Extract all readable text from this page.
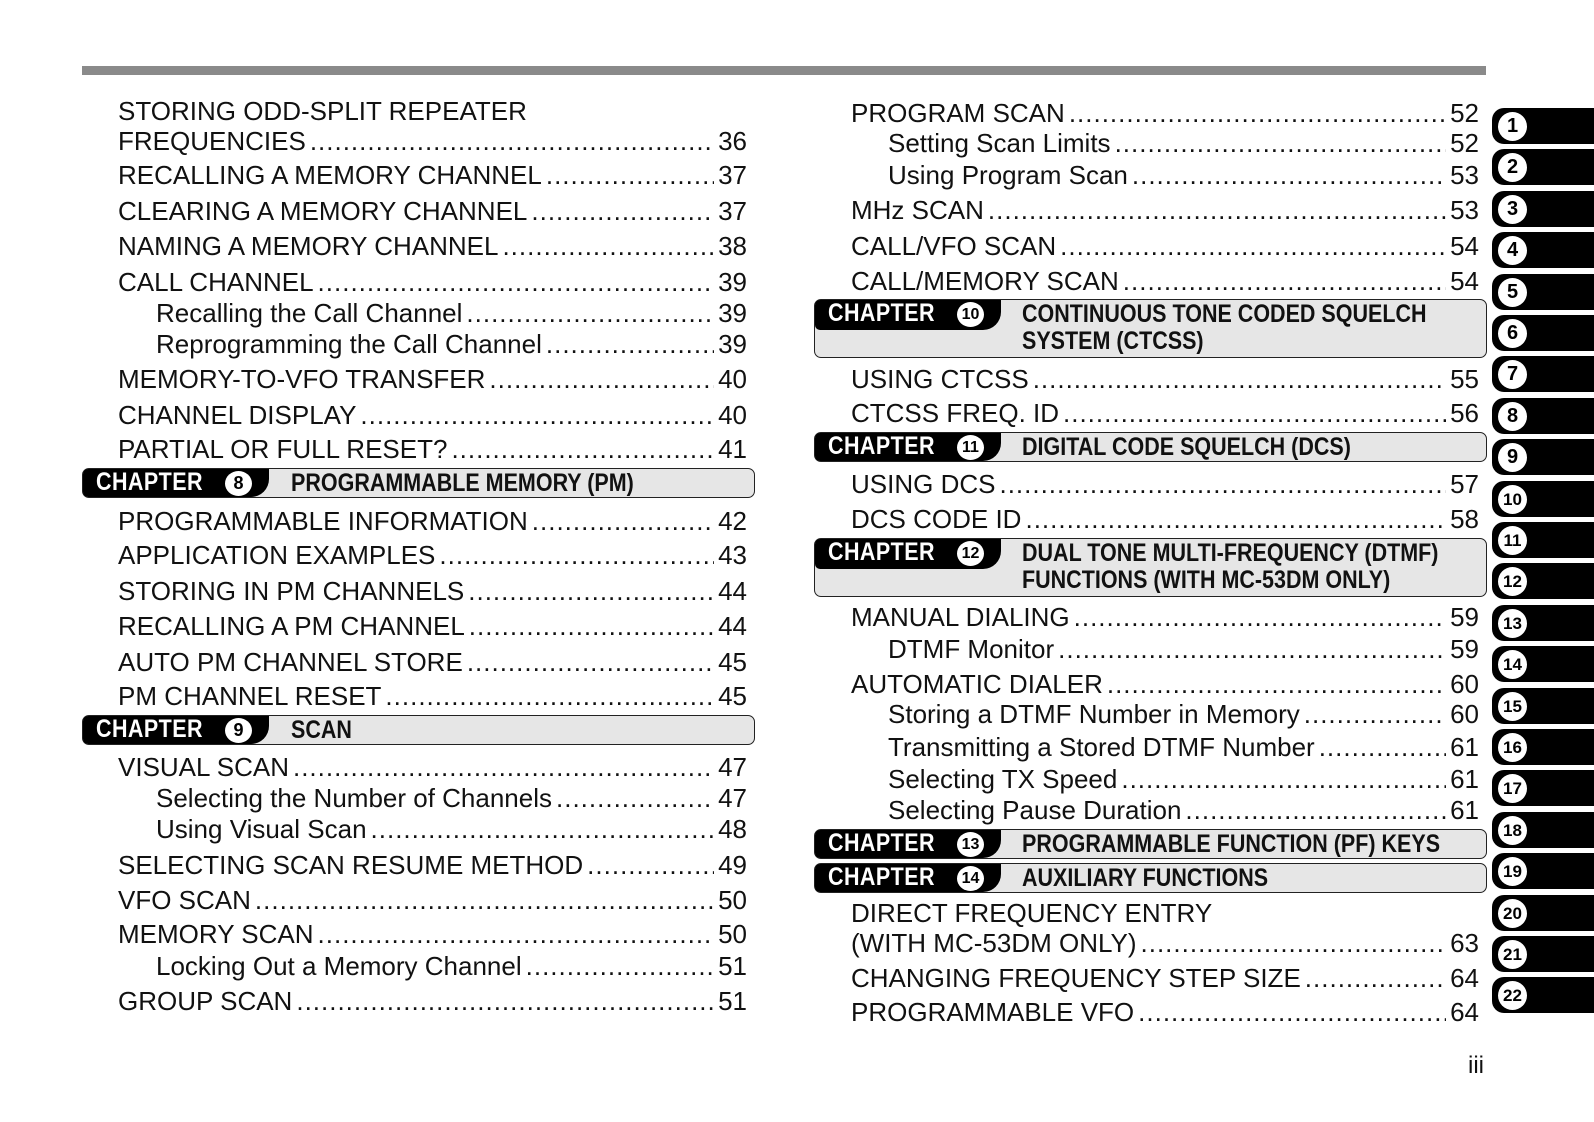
STORING ODD-SPLIT REPEATER
FREQUENCIES .....	36
RECALLING A MEMORY CHANNEL .....	37
CLEARING A MEMORY CHANNEL .....	37
NAMING A MEMORY CHANNEL .....	38
CALL CHANNEL .....	39
Recalling the Call Channel .....	39
Reprogramming the Call Channel .....	39
MEMORY-TO-VFO TRANSFER .....	40
CHANNEL DISPLAY .....	40
PARTIAL OR FULL RESET? .....	41
CHAPTER	8	PROGRAMMABLE MEMORY (PM)
PROGRAMMABLE INFORMATION .....	42
APPLICATION EXAMPLES .....	43
STORING IN PM CHANNELS .....	44
RECALLING A PM CHANNEL .....	44
AUTO PM CHANNEL STORE .....	45
PM CHANNEL RESET .....	45
CHAPTER	9	SCAN
VISUAL SCAN .....	47
Selecting the Number of Channels .....	47
Using Visual Scan .....	48
SELECTING SCAN RESUME METHOD .....	49
VFO SCAN .....	50
MEMORY SCAN .....	50
Locking Out a Memory Channel .....	51
GROUP SCAN .....	51
PROGRAM SCAN .....	52
Setting Scan Limits .....	52
Using Program Scan .....	53
MHz SCAN .....	53
CALL/VFO SCAN .....	54
CALL/MEMORY SCAN .....	54
CHAPTER 10 CONTINUOUS TONE CODED SQUELCH
SYSTEM (CTCSS)
USING CTCSS .....	55
CTCSS FREQ. ID .....	56
CHAPTER	11 DIGITAL CODE SQUELCH (DCS)
USING DCS .....	57
DCS CODE ID .....	58
CHAPTER 12 DUAL TONE MULTI-FREQUENCY (DTMF)
FUNCTIONS (WITH MC-53DM ONLY)
MANUAL DIALING .....	59
DTMF Monitor .....	59
AUTOMATIC DIALER .....	60
Storing a DTMF Number in Memory .....	60
Transmitting a Stored DTMF Number .....	61
Selecting TX Speed .....	61
Selecting Pause Duration .....	61
CHAPTER 13 PROGRAMMABLE FUNCTION (PF) KEYS
CHAPTER 14 AUXILIARY FUNCTIONS
DIRECT FREQUENCY ENTRY
(WITH MC-53DM ONLY) .....	63
CHANGING FREQUENCY STEP SIZE .....	64
PROGRAMMABLE VFO .....	64
1
2
3
4
5
6
7
8
9
10
11
12
13
14
15
16
17
18
19
20
21
22
iii
